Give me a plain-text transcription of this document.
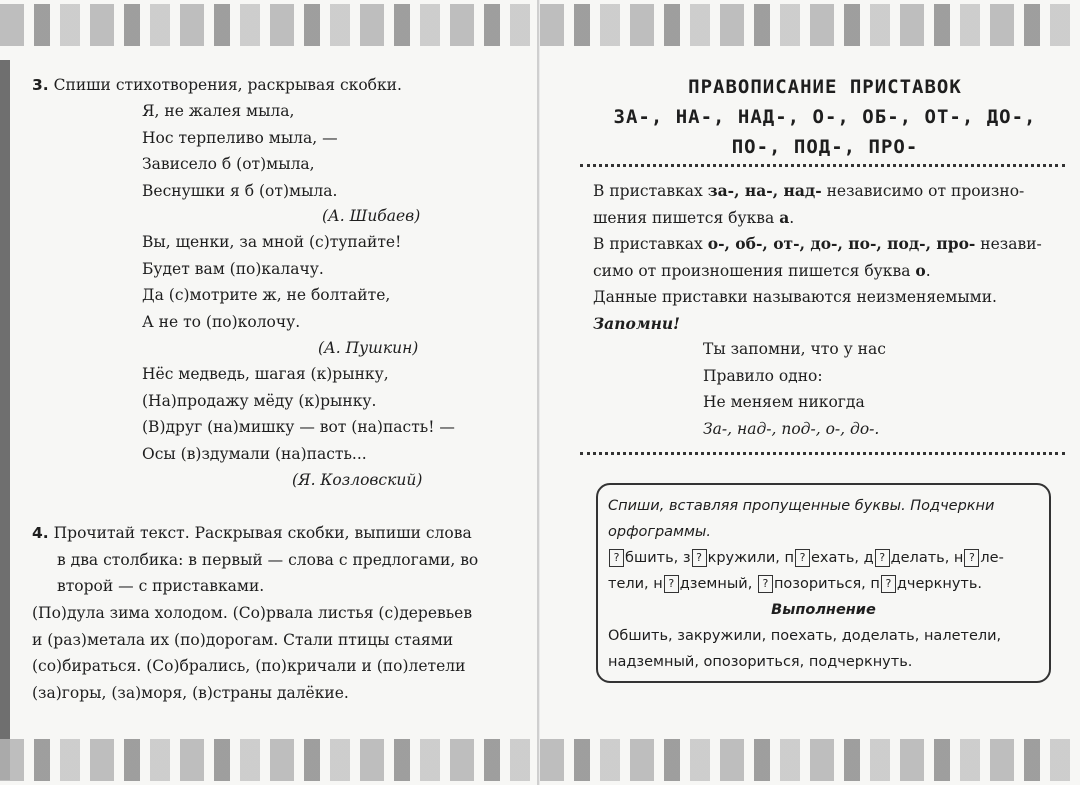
3. Спиши стихотворения, раскрывая скобки.
Я, не жалея мыла,
Нос терпеливо мыла, —
Зависело б (от)мыла,
Веснушки я б (от)мыла.
(А. Шибаев)
Вы, щенки, за мной (с)тупайте!
Будет вам (по)калачу.
Да (с)мотрите ж, не болтайте,
А не то (по)колочу.
(А. Пушкин)
Нёс медведь, шагая (к)рынку,
(На)продажу мёду (к)рынку.
(В)друг (на)мишку — вот (на)пасть! —
Осы (в)здумали (на)пасть...
(Я. Козловский)
4. Прочитай текст. Раскрывая скобки, выпиши слова
в два столбика: в первый — слова с предлогами, во
второй — с приставками.
(По)дула зима холодом. (Со)рвала листья (с)деревьев
и (раз)метала их (по)дорогам. Стали птицы стаями
(со)бираться. (Со)брались, (по)кричали и (по)летели
(за)горы, (за)моря, (в)страны далёкие.
ПРАВОПИСАНИЕ ПРИСТАВОК
ЗА-, НА-, НАД-, О-, ОБ-, ОТ-, ДО-,
ПО-, ПОД-, ПРО-
В приставках за-, на-, над- независимо от произно-
шения пишется буква а.
В приставках о-, об-, от-, до-, по-, под-, про- незави-
симо от произношения пишется буква о.
Данные приставки называются неизменяемыми.
Запомни!
Ты запомни, что у нас
Правило одно:
Не меняем никогда
За-, над-, под-, о-, до-.
Спиши, вставляя пропущенные буквы. Подчеркни орфограммы.
? бшить, з ? кружили, п ? ехать, д ? делать, н ? ле-
тели, н ? дземный, ? позориться, п ? дчеркнуть.
Выполнение
Обшить, закружили, поехать, доделать, налетели,
надземный, опозориться, подчеркнуть.
